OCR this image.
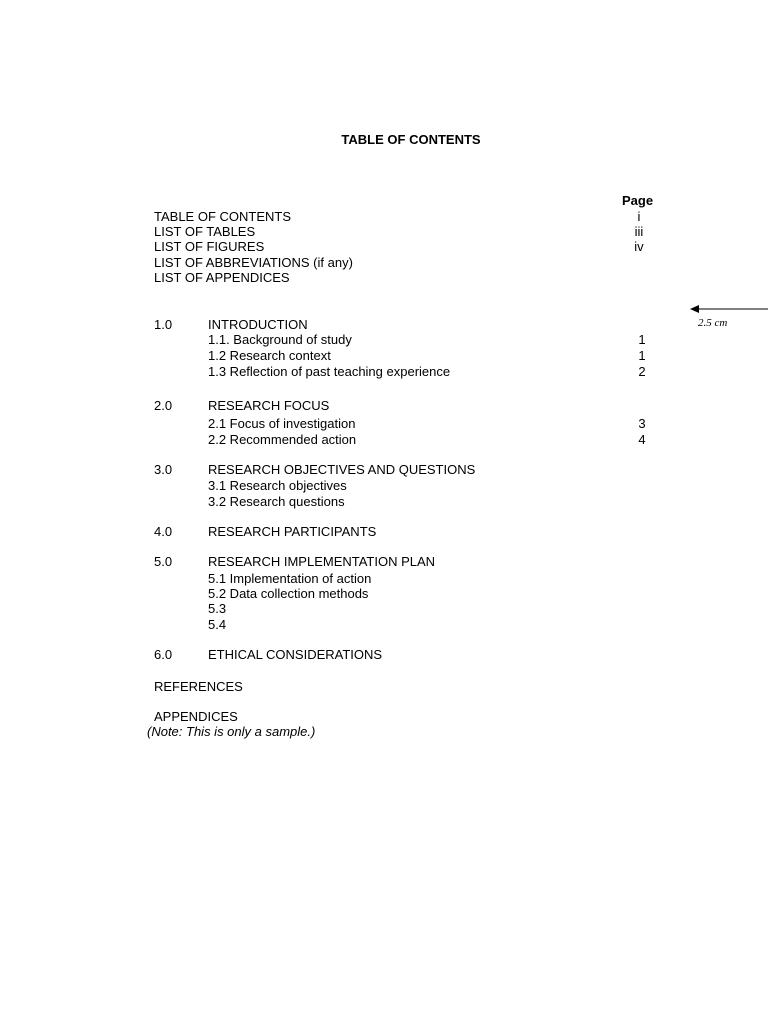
TABLE OF CONTENTS
Page
TABLE OF CONTENTS	i
LIST OF TABLES	iii
LIST OF FIGURES	iv
LIST OF ABBREVIATIONS (if any)
LIST OF APPENDICES
2.5 cm
1.0	INTRODUCTION
1.1. Background of study	1
1.2 Research context	1
1.3 Reflection of past teaching experience	2
2.0	RESEARCH FOCUS
2.1 Focus of investigation	3
2.2 Recommended action	4
3.0	RESEARCH OBJECTIVES AND QUESTIONS
3.1 Research objectives
3.2 Research questions
4.0	RESEARCH PARTICIPANTS
5.0	RESEARCH IMPLEMENTATION PLAN
5.1 Implementation of action
5.2 Data collection methods
5.3
5.4
6.0	ETHICAL CONSIDERATIONS
REFERENCES
APPENDICES
(Note: This is only a sample.)
